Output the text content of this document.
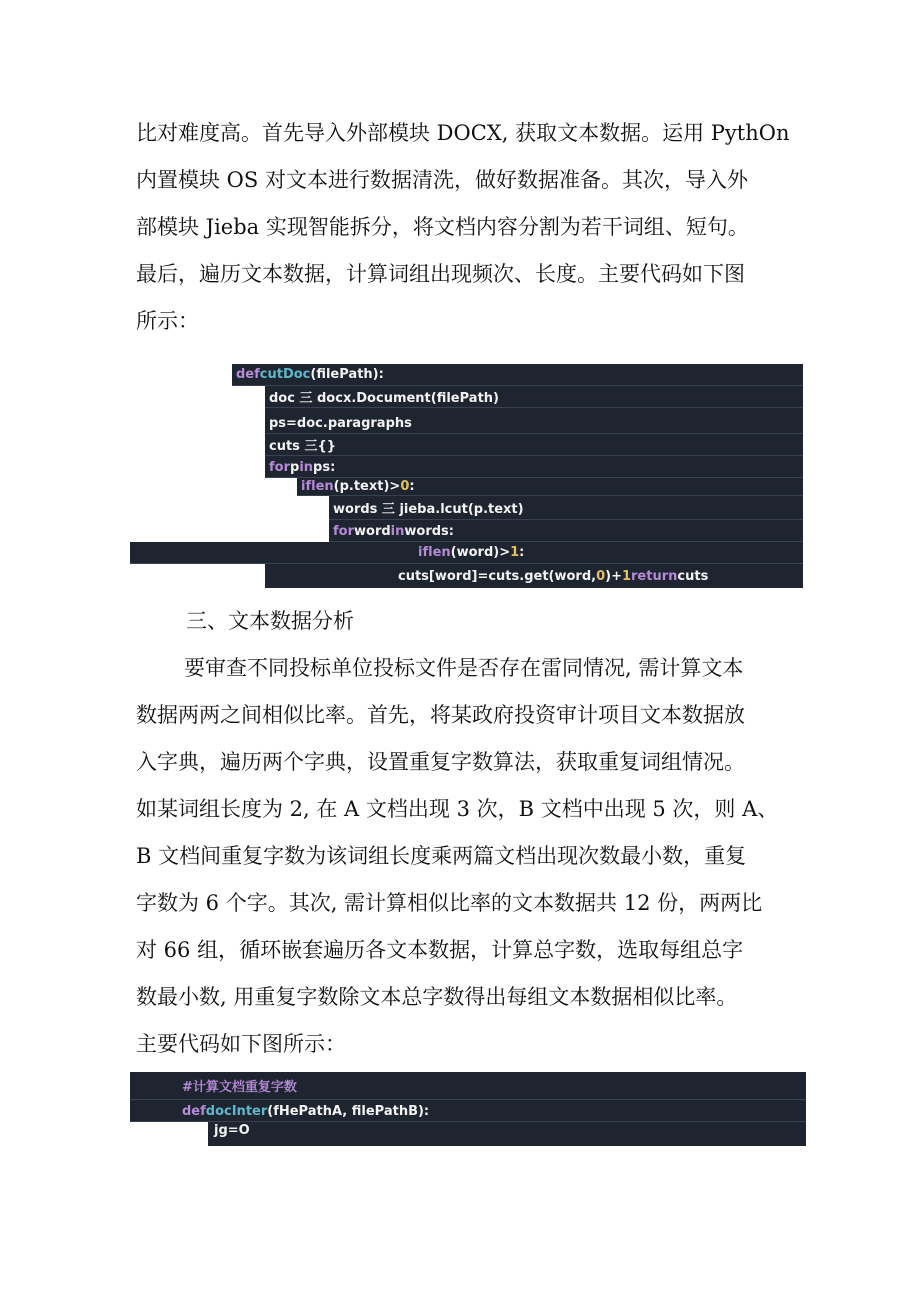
比对难度高。首先导入外部模块 DOCX, 获取文本数据。运用 PythOn
内置模块 OS 对文本进行数据清洗，做好数据准备。其次，导入外
部模块 Jieba 实现智能拆分，将文档内容分割为若干词组、短句。
最后，遍历文本数据，计算词组出现频次、长度。主要代码如下图
所示：
def cutDoc (filePath):
doc 三 docx.Document(filePath)
ps=doc.paragraphs
cuts 三{}
for p in ps:
if len (p.text)> 0 :
words 三 jieba.lcut(p.text)
for word in words:
if len (word)> 1 :
cuts[word]=cuts.get(word, 0 )+ 1 return cuts
三、文本数据分析
要审查不同投标单位投标文件是否存在雷同情况, 需计算文本
数据两两之间相似比率。首先，将某政府投资审计项目文本数据放
入字典，遍历两个字典，设置重复字数算法，获取重复词组情况。
如某词组长度为 2, 在 A 文档出现 3 次，B 文档中出现 5 次，则 A、
B 文档间重复字数为该词组长度乘两篇文档出现次数最小数，重复
字数为 6 个字。其次, 需计算相似比率的文本数据共 12 份，两两比
对 66 组，循环嵌套遍历各文本数据，计算总字数，选取每组总字
数最小数, 用重复字数除文本总字数得出每组文本数据相似比率。
主要代码如下图所示：
#计算文档重复字数
def docInter (fHePathA, filePathB):
jg=O
